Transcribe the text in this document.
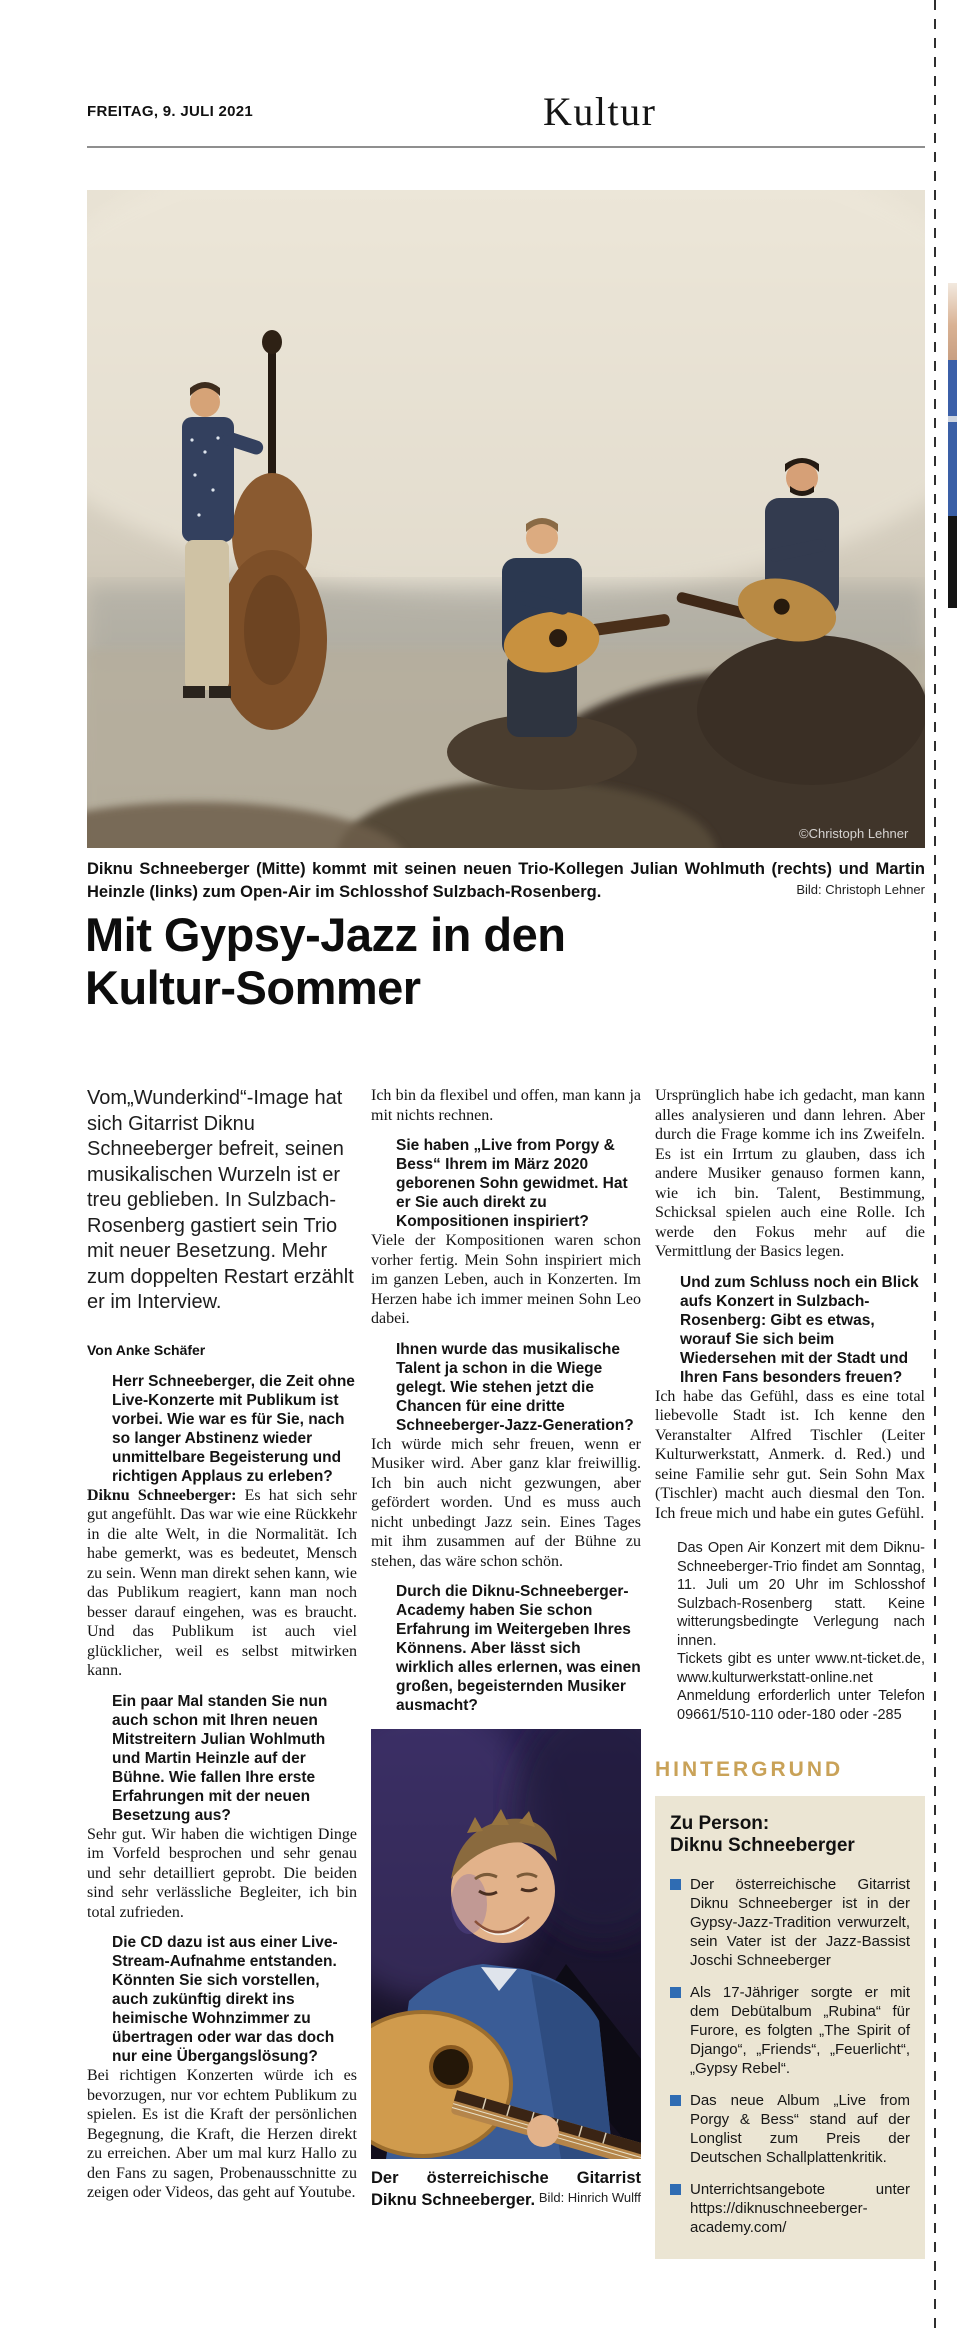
FREITAG, 9. JULI 2021	Kultur
©Christoph Lehner
Diknu Schneeberger (Mitte) kommt mit seinen neuen Trio-Kollegen Julian Wohlmuth (rechts) und Martin Heinzle (links) zum Open-Air im Schlosshof Sulzbach-Rosenberg.	Bild: Christoph Lehner
Mit Gypsy-Jazz in den
Kultur-Sommer

Vom„Wunderkind“-Image hat sich Gitarrist Diknu Schneeberger befreit, seinen musikalischen Wurzeln ist er treu geblieben. In Sulzbach-Rosenberg gastiert sein Trio mit neuer Besetzung. Mehr zum doppelten Restart erzählt er im Interview.

Von Anke Schäfer

Herr Schneeberger, die Zeit ohne Live-Konzerte mit Publikum ist vorbei. Wie war es für Sie, nach so langer Abstinenz wieder unmittelbare Begeisterung und richtigen Applaus zu erleben?

Diknu Schneeberger: Es hat sich sehr gut angefühlt. Das war wie eine Rückkehr in die alte Welt, in die Normalität. Ich habe gemerkt, was es bedeutet, Mensch zu sein. Wenn man direkt sehen kann, wie das Publikum reagiert, kann man noch besser darauf eingehen, was es braucht. Und das Publikum ist auch viel glücklicher, weil es selbst mitwirken kann.

Ein paar Mal standen Sie nun auch schon mit Ihren neuen Mitstreitern Julian Wohlmuth und Martin Heinzle auf der Bühne. Wie fallen Ihre erste Erfahrungen mit der neuen Besetzung aus?

Sehr gut. Wir haben die wichtigen Dinge im Vorfeld besprochen und sehr genau und sehr detailliert geprobt. Die beiden sind sehr verlässliche Begleiter, ich bin total zufrieden.

Die CD dazu ist aus einer Live-Stream-Aufnahme entstanden. Könnten Sie sich vorstellen, auch zukünftig direkt ins heimische Wohnzimmer zu übertragen oder war das doch nur eine Übergangslösung?

Bei richtigen Konzerten würde ich es bevorzugen, nur vor echtem Publikum zu spielen. Es ist die Kraft der persönlichen Begegnung, die Kraft, die Herzen direkt zu erreichen. Aber um mal kurz Hallo zu den Fans zu sagen, Probenausschnitte zu zeigen oder Videos, das geht auf Youtube.

Ich bin da flexibel und offen, man kann ja mit nichts rechnen.

Sie haben „Live from Porgy & Bess“ Ihrem im März 2020 geborenen Sohn gewidmet. Hat er Sie auch direkt zu Kompositionen inspiriert?

Viele der Kompositionen waren schon vorher fertig. Mein Sohn inspiriert mich im ganzen Leben, auch in Konzerten. Im Herzen habe ich immer meinen Sohn Leo dabei.

Ihnen wurde das musikalische Talent ja schon in die Wiege gelegt. Wie stehen jetzt die Chancen für eine dritte Schneeberger-Jazz-Generation?

Ich würde mich sehr freuen, wenn er Musiker wird. Aber ganz klar freiwillig. Ich bin auch nicht gezwungen, aber gefördert worden. Und es muss auch nicht unbedingt Jazz sein. Eines Tages mit ihm zusammen auf der Bühne zu stehen, das wäre schon schön.

Durch die Diknu-Schneeberger-Academy haben Sie schon Erfahrung im Weitergeben Ihres Könnens. Aber lässt sich wirklich alles erlernen, was einen großen, begeisternden Musiker ausmacht?

Der österreichische Gitarrist Diknu Schneeberger. Bild: Hinrich Wulff

Ursprünglich habe ich gedacht, man kann alles analysieren und dann lehren. Aber durch die Frage komme ich ins Zweifeln. Es ist ein Irrtum zu glauben, dass ich andere Musiker genauso formen kann, wie ich bin. Talent, Bestimmung, Schicksal spielen auch eine Rolle. Ich werde den Fokus mehr auf die Vermittlung der Basics legen.

Und zum Schluss noch ein Blick aufs Konzert in Sulzbach-Rosenberg: Gibt es etwas, worauf Sie sich beim Wiedersehen mit der Stadt und Ihren Fans besonders freuen?

Ich habe das Gefühl, dass es eine total liebevolle Stadt ist. Ich kenne den Veranstalter Alfred Tischler (Leiter Kulturwerkstatt, Anmerk. d. Red.) und seine Familie sehr gut. Sein Sohn Max (Tischler) macht auch diesmal den Ton. Ich freue mich und habe ein gutes Gefühl.

Das Open Air Konzert mit dem Diknu-Schneeberger-Trio findet am Sonntag, 11. Juli um 20 Uhr im Schlosshof Sulzbach-Rosenberg statt. Keine witterungsbedingte Verlegung nach innen.

Tickets gibt es unter www.nt-ticket.de, www.kulturwerkstatt-online.net

Anmeldung erforderlich unter Telefon 09661/510-110 oder-180 oder -285

HINTERGRUND
Zu Person:
Diknu Schneeberger
Der österreichische Gitarrist Diknu Schneeberger ist in der Gypsy-Jazz-Tradition verwurzelt, sein Vater ist der Jazz-Bassist Joschi Schneeberger
Als 17-Jähriger sorgte er mit dem Debütalbum „Rubina“ für Furore, es folgten „The Spirit of Django“, „Friends“, „Feuerlicht“, „Gypsy Rebel“.
Das neue Album „Live from Porgy & Bess“ stand auf der Longlist zum Preis der Deutschen Schallplattenkritik.
Unterrichtsangebote unter https://diknuschneeberger-academy.com/
